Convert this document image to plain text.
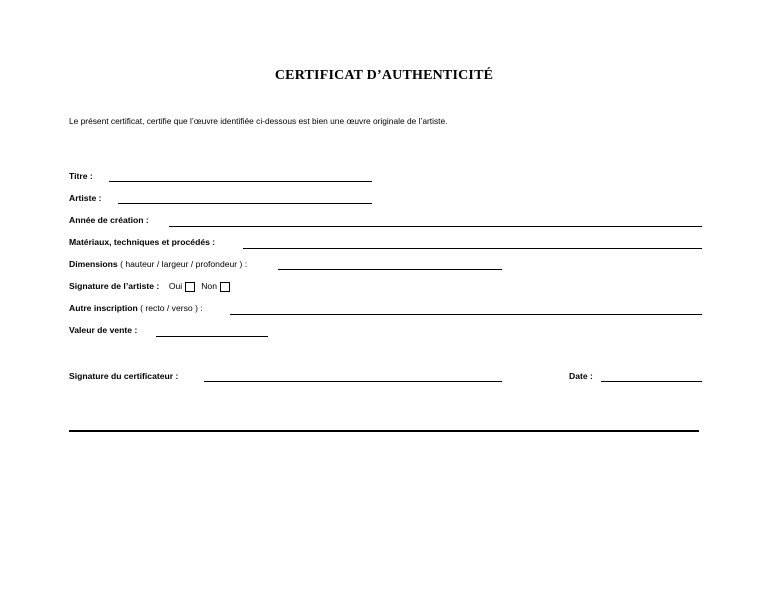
CERTIFICAT D’AUTHENTICITÉ
Le présent certificat, certifie que l’œuvre identifiée ci-dessous est bien une œuvre originale de l’artiste.
Titre :
Artiste :
Année de création :
Matériaux, techniques et procédés :
Dimensions ( hauteur / largeur / profondeur ) :
Signature de l’artiste : Oui Non
Autre inscription ( recto / verso ) :
Valeur de vente :
Signature du certificateur :	Date :
